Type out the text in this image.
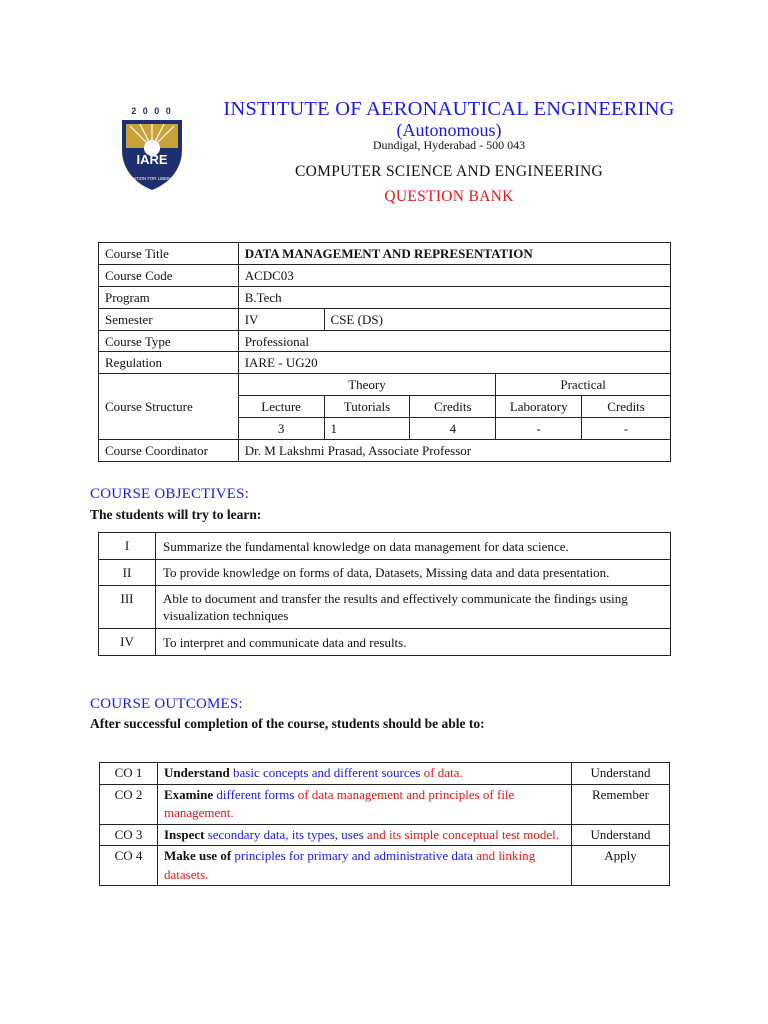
2 0 0 0
IARE
EDUCATION FOR LIBERATION
INSTITUTE OF AERONAUTICAL ENGINEERING
(Autonomous)
Dundigal, Hyderabad - 500 043
COMPUTER SCIENCE AND ENGINEERING
QUESTION BANK
Course Title	DATA MANAGEMENT AND REPRESENTATION				
Course Code	ACDC03				
Program	B.Tech				
Semester	IV	CSE (DS)			
Course Type	Professional				
Regulation	IARE - UG20				
Course Structure	Theory			Practical	
	Lecture	Tutorials	Credits	Laboratory	Credits
	3	1	4	-	-
Course Coordinator	Dr. M Lakshmi Prasad, Associate Professor				
COURSE OBJECTIVES:
The students will try to learn:
I	Summarize the fundamental knowledge on data management for data science.
II	To provide knowledge on forms of data, Datasets, Missing data and data presentation.
III	Able to document and transfer the results and effectively communicate the findings using visualization techniques
IV	To interpret and communicate data and results.
COURSE OUTCOMES:
After successful completion of the course, students should be able to:
CO 1	Understand basic concepts and different sources of data.	Understand
CO 2	Examine different forms of data management and principles of file management.	Remember
CO 3	Inspect secondary data, its types, uses and its simple conceptual test model.	Understand
CO 4	Make use of principles for primary and administrative data and linking datasets.	Apply
